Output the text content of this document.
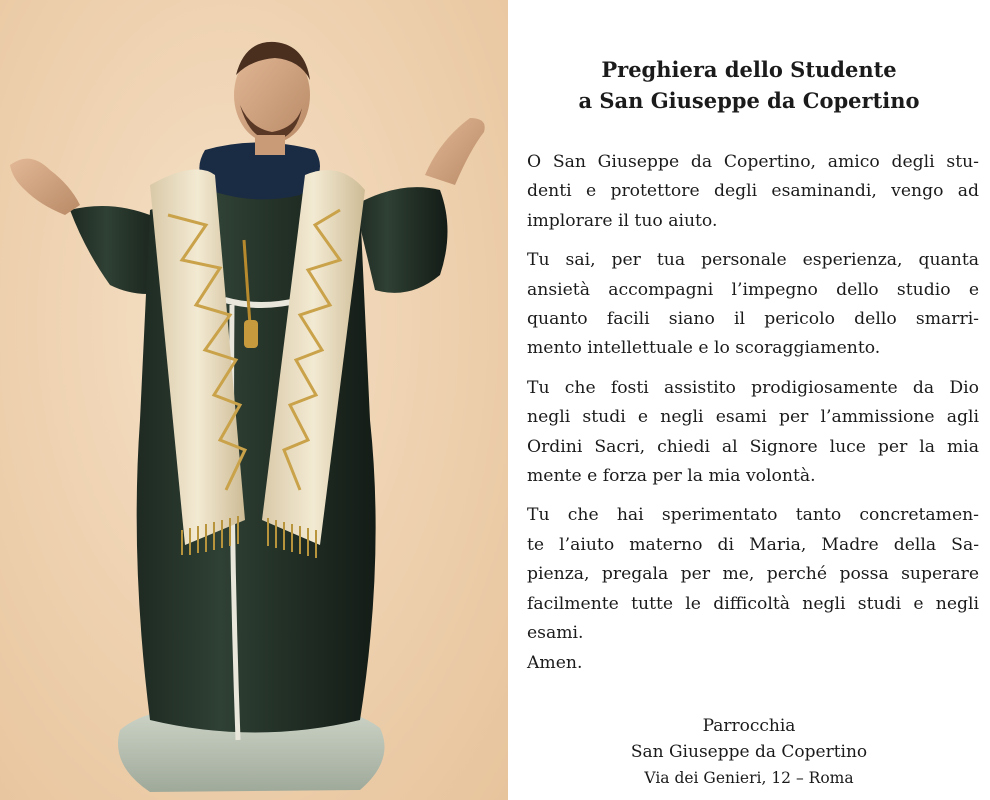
Preghiera dello Studente
a San Giuseppe da Copertino

O San Giuseppe da Copertino, amico degli stu-
denti e protettore degli esaminandi, vengo ad
implorare il tuo aiuto.

Tu sai, per tua personale esperienza, quanta
ansietà accompagni l’impegno dello studio e
quanto facili siano il pericolo dello smarri-
mento intellettuale e lo scoraggiamento.

Tu che fosti assistito prodigiosamente da Dio
negli studi e negli esami per l’ammissione agli
Ordini Sacri, chiedi al Signore luce per la mia
mente e forza per la mia volontà.

Tu che hai sperimentato tanto concretamen-
te l’aiuto materno di Maria, Madre della Sa-
pienza, pregala per me, perché possa superare
facilmente tutte le difficoltà negli studi e negli
esami.

Amen.
Parrocchia
San Giuseppe da Copertino
Via dei Genieri, 12 – Roma
